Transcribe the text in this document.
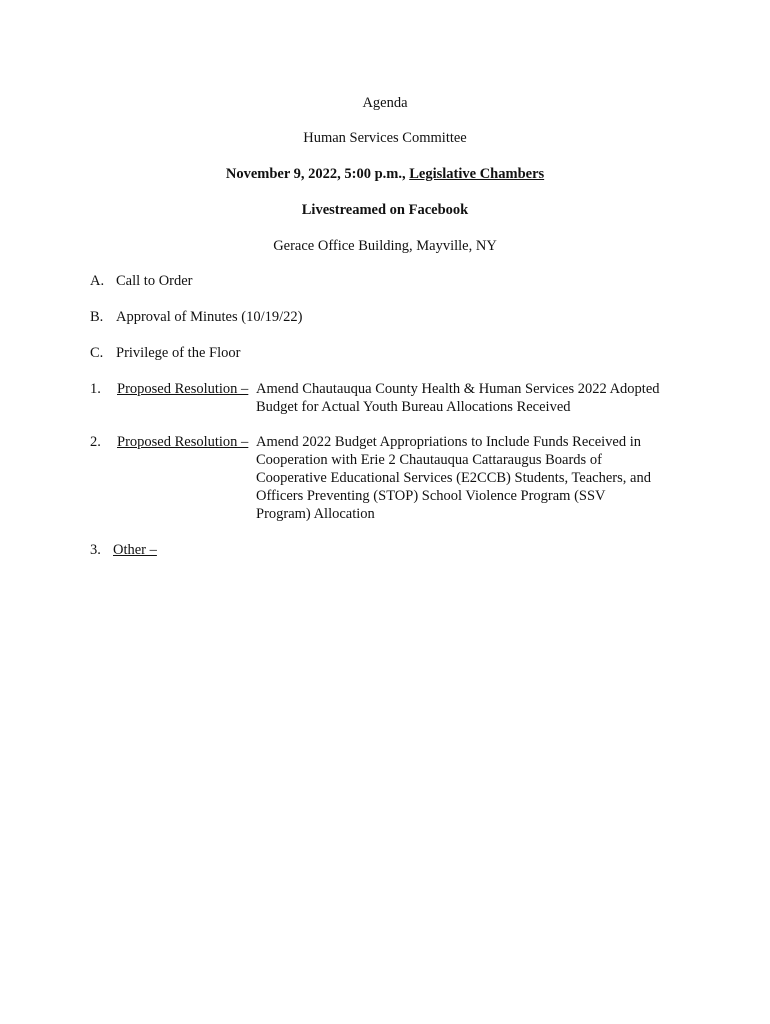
Agenda
Human Services Committee
November 9, 2022, 5:00 p.m., Legislative Chambers
Livestreamed on Facebook
Gerace Office Building, Mayville, NY
A. Call to Order
B. Approval of Minutes (10/19/22)
C. Privilege of the Floor
1. Proposed Resolution – Amend Chautauqua County Health & Human Services 2022 Adopted
Budget for Actual Youth Bureau Allocations Received
2. Proposed Resolution – Amend 2022 Budget Appropriations to Include Funds Received in
Cooperation with Erie 2 Chautauqua Cattaraugus Boards of
Cooperative Educational Services (E2CCB) Students, Teachers, and
Officers Preventing (STOP) School Violence Program (SSV
Program) Allocation
3. Other –
